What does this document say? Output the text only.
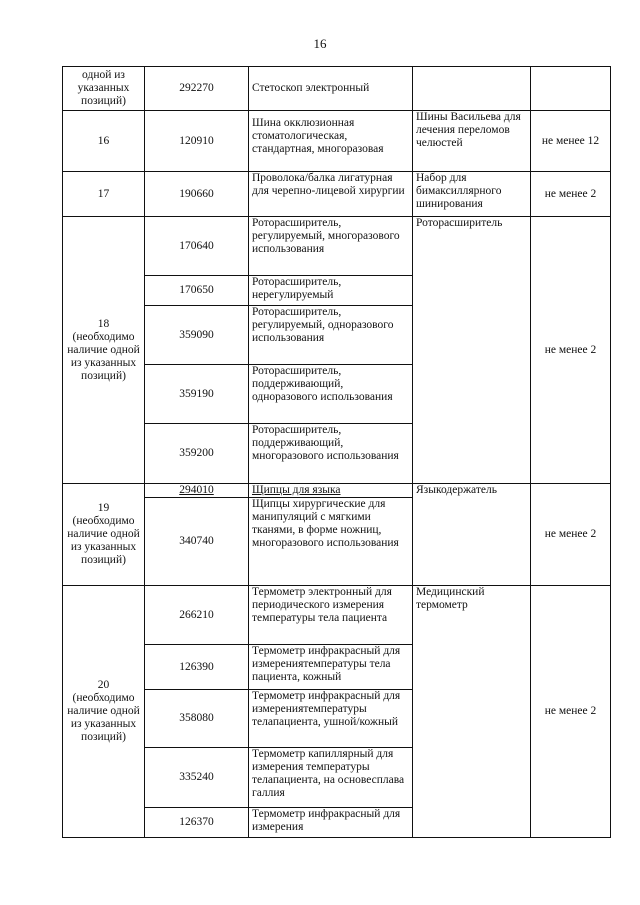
16
одной из указанных позиций)	292270	Стетоскоп электронный		
16	120910	Шина окклюзионная стоматологическая, стандартная, многоразовая	Шины Васильева для лечения переломов челюстей	не менее 12
17	190660	Проволока/балка лигатурная для черепно-лицевой хирургии	Набор для бимаксиллярного шинирования	не менее 2
18 (необходимо наличие одной из указанных позиций)	170640	Роторасширитель, регулируемый, многоразового использования	Роторасширитель	не менее 2
	170650	Роторасширитель, нерегулируемый		
	359090	Роторасширитель, регулируемый, одноразового использования		
	359190	Роторасширитель, поддерживающий, одноразового использования		
	359200	Роторасширитель, поддерживающий, многоразового использования		
19 (необходимо наличие одной из указанных позиций)	294010	Щипцы для языка	Языкодержатель	не менее 2
	340740	Щипцы хирургические для манипуляций с мягкими тканями, в форме ножниц, многоразового использования		
20 (необходимо наличие одной из указанных позиций)	266210	Термометр электронный для периодического измерения температуры тела пациента	Медицинский термометр	не менее 2
	126390	Термометр инфракрасный для измерениятемпературы тела пациента, кожный		
	358080	Термометр инфракрасный для измерениятемпературы телапациента, ушной/кожный		
	335240	Термометр капиллярный для измерения температуры телапациента, на основесплава галлия		
	126370	Термометр инфракрасный для измерения		
